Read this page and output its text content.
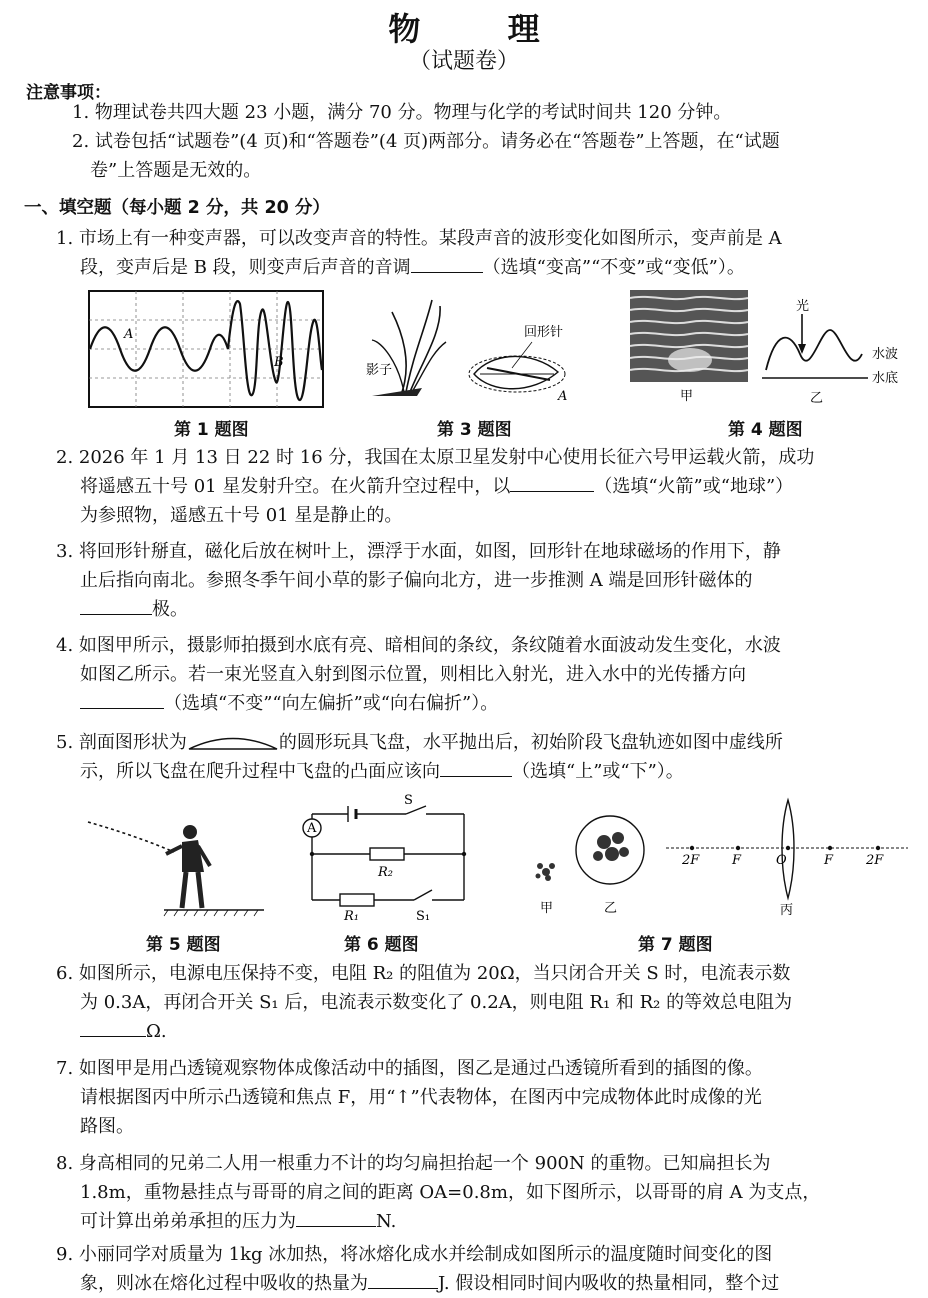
物 理
（试题卷）
注意事项：
1. 物理试卷共四大题 23 小题，满分 70 分。物理与化学的考试时间共 120 分钟。
2. 试卷包括“试题卷”(4 页)和“答题卷”(4 页)两部分。请务必在“答题卷”上答题，在“试题
卷”上答题是无效的。
一、填空题（每小题 2 分，共 20 分）
1. 市场上有一种变声器，可以改变声音的特性。某段声音的波形变化如图所示，变声前是 A
段，变声后是 B 段，则变声后声音的音调	（选填“变高”“不变”或“变低”）。
A
B
第 1 题图
影子
回形针
A
第 3 题图
甲
光
水波
水底
乙
第 4 题图
2. 2026 年 1 月 13 日 22 时 16 分，我国在太原卫星发射中心使用长征六号甲运载火箭，成功
将遥感五十号 01 星发射升空。在火箭升空过程中，以	（选填“火箭”或“地球”）
为参照物，遥感五十号 01 星是静止的。
3. 将回形针掰直，磁化后放在树叶上，漂浮于水面，如图，回形针在地球磁场的作用下，静
止后指向南北。参照冬季午间小草的影子偏向北方，进一步推测 A 端是回形针磁体的
极。
4. 如图甲所示，摄影师拍摄到水底有亮、暗相间的条纹，条纹随着水面波动发生变化，水波
如图乙所示。若一束光竖直入射到图示位置，则相比入射光，进入水中的光传播方向
（选填“不变”“向左偏折”或“向右偏折”）。
5. 剖面图形状为	的圆形玩具飞盘，水平抛出后，初始阶段飞盘轨迹如图中虚线所
示，所以飞盘在爬升过程中飞盘的凸面应该向	（选填“上”或“下”）。
第 5 题图
A
S
R₂
R₁	S₁
第 6 题图
甲	乙
2F	F	O	F	2F
丙
第 7 题图
6. 如图所示，电源电压保持不变，电阻 R₂ 的阻值为 20Ω，当只闭合开关 S 时，电流表示数
为 0.3A，再闭合开关 S₁ 后，电流表示数变化了 0.2A，则电阻 R₁ 和 R₂ 的等效总电阻为
Ω.
7. 如图甲是用凸透镜观察物体成像活动中的插图，图乙是通过凸透镜所看到的插图的像。
请根据图丙中所示凸透镜和焦点 F，用“↑”代表物体，在图丙中完成物体此时成像的光
路图。
8. 身高相同的兄弟二人用一根重力不计的均匀扁担抬起一个 900N 的重物。已知扁担长为
1.8m，重物悬挂点与哥哥的肩之间的距离 OA=0.8m，如下图所示，以哥哥的肩 A 为支点，
可计算出弟弟承担的压力为	N.
9. 小丽同学对质量为 1kg 冰加热，将冰熔化成水并绘制成如图所示的温度随时间变化的图
象，则冰在熔化过程中吸收的热量为	J. 假设相同时间内吸收的热量相同，整个过
